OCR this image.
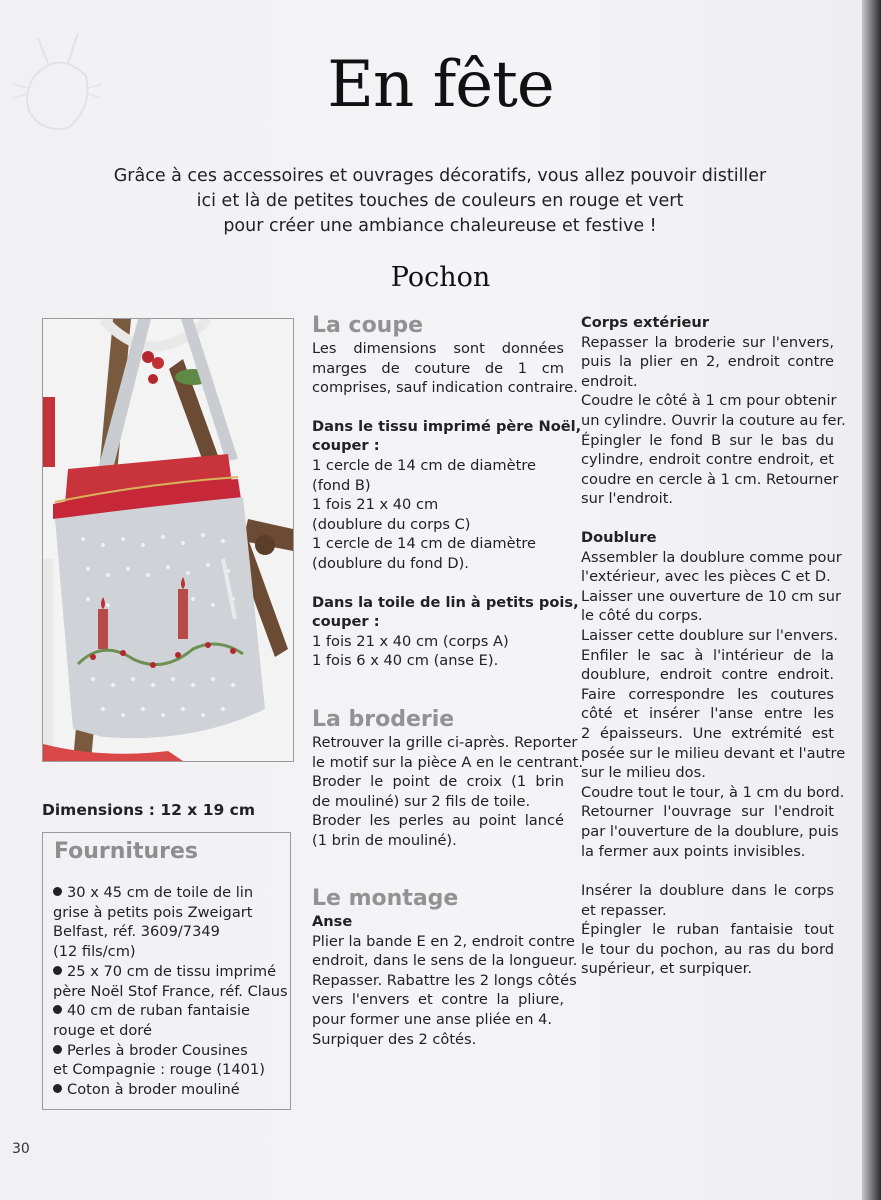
En fête
Grâce à ces accessoires et ouvrages décoratifs, vous allez pouvoir distiller
ici et là de petites touches de couleurs en rouge et vert
pour créer une ambiance chaleureuse et festive !
Pochon
Dimensions : 12 x 19 cm
Fournitures
30 x 45 cm de toile de lin
grise à petits pois Zweigart
Belfast, réf. 3609/7349
(12 fils/cm)
25 x 70 cm de tissu imprimé
père Noël Stof France, réf. Claus
40 cm de ruban fantaisie
rouge et doré
Perles à broder Cousines
et Compagnie : rouge (1401)
Coton à broder mouliné
La coupe
Les dimensions sont données
marges de couture de 1 cm
comprises, sauf indication contraire.
Dans le tissu imprimé père Noël,
couper :
1 cercle de 14 cm de diamètre
(fond B)
1 fois 21 x 40 cm
(doublure du corps C)
1 cercle de 14 cm de diamètre
(doublure du fond D).
Dans la toile de lin à petits pois,
couper :
1 fois 21 x 40 cm (corps A)
1 fois 6 x 40 cm (anse E).
La broderie
Retrouver la grille ci-après. Reporter
le motif sur la pièce A en le centrant.
Broder le point de croix (1 brin
de mouliné) sur 2 fils de toile.
Broder les perles au point lancé
(1 brin de mouliné).
Le montage
Anse
Plier la bande E en 2, endroit contre
endroit, dans le sens de la longueur.
Repasser. Rabattre les 2 longs côtés
vers l'envers et contre la pliure,
pour former une anse pliée en 4.
Surpiquer des 2 côtés.
Corps extérieur
Repasser la broderie sur l'envers,
puis la plier en 2, endroit contre
endroit.
Coudre le côté à 1 cm pour obtenir
un cylindre. Ouvrir la couture au fer.
Épingler le fond B sur le bas du
cylindre, endroit contre endroit, et
coudre en cercle à 1 cm. Retourner
sur l'endroit.
Doublure
Assembler la doublure comme pour
l'extérieur, avec les pièces C et D.
Laisser une ouverture de 10 cm sur
le côté du corps.
Laisser cette doublure sur l'envers.
Enfiler le sac à l'intérieur de la
doublure, endroit contre endroit.
Faire correspondre les coutures
côté et insérer l'anse entre les
2 épaisseurs. Une extrémité est
posée sur le milieu devant et l'autre
sur le milieu dos.
Coudre tout le tour, à 1 cm du bord.
Retourner l'ouvrage sur l'endroit
par l'ouverture de la doublure, puis
la fermer aux points invisibles.
Insérer la doublure dans le corps
et repasser.
Épingler le ruban fantaisie tout
le tour du pochon, au ras du bord
supérieur, et surpiquer.
30
